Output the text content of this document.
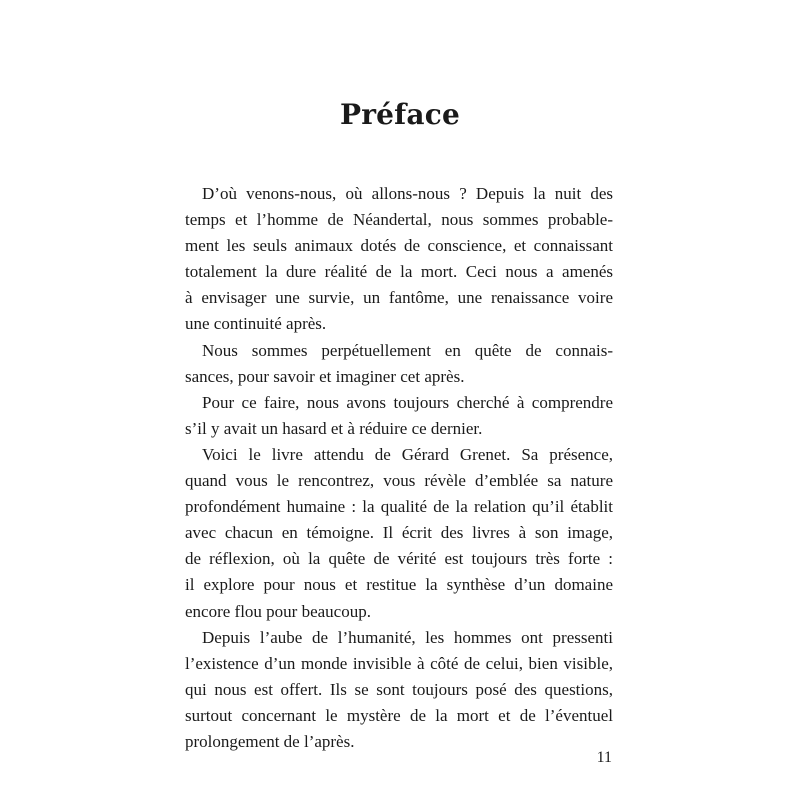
Préface
D’où venons-nous, où allons-nous ? Depuis la nuit des
temps et l’homme de Néandertal, nous sommes probable-
ment les seuls animaux dotés de conscience, et connaissant
totalement la dure réalité de la mort. Ceci nous a amenés
à envisager une survie, un fantôme, une renaissance voire
une continuité après.
Nous sommes perpétuellement en quête de connais-
sances, pour savoir et imaginer cet après.
Pour ce faire, nous avons toujours cherché à comprendre
s’il y avait un hasard et à réduire ce dernier.
Voici le livre attendu de Gérard Grenet. Sa présence,
quand vous le rencontrez, vous révèle d’emblée sa nature
profondément humaine : la qualité de la relation qu’il établit
avec chacun en témoigne. Il écrit des livres à son image,
de réflexion, où la quête de vérité est toujours très forte :
il explore pour nous et restitue la synthèse d’un domaine
encore flou pour beaucoup.
Depuis l’aube de l’humanité, les hommes ont pressenti
l’existence d’un monde invisible à côté de celui, bien visible,
qui nous est offert. Ils se sont toujours posé des questions,
surtout concernant le mystère de la mort et de l’éventuel
prolongement de l’après.
11
